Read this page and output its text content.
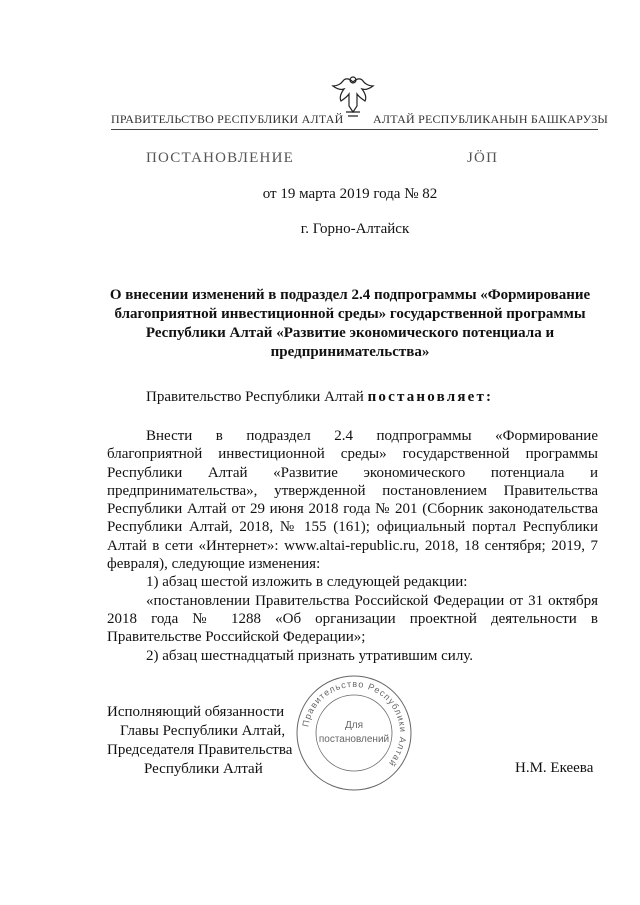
ПРАВИТЕЛЬСТВО РЕСПУБЛИКИ АЛТАЙ АЛТАЙ РЕСПУБЛИКАНЫН БАШКАРУЗЫ
ПОСТАНОВЛЕНИЕ	JÖП
от 19 марта 2019 года № 82
г. Горно-Алтайск
О внесении изменений в подраздел 2.4 подпрограммы «Формирование
благоприятной инвестиционной среды» государственной программы
Республики Алтай «Развитие экономического потенциала и
предпринимательства»
Правительство Республики Алтай постановляет:

Внести в подраздел 2.4 подпрограммы «Формирование благоприятной инвестиционной среды» государственной программы Республики Алтай «Развитие экономического потенциала и предпринимательства», утвержденной постановлением Правительства Республики Алтай от 29 июня 2018 года № 201 (Сборник законодательства Республики Алтай, 2018, № 155 (161); официальный портал Республики Алтай в сети «Интернет»: www.altai-republic.ru, 2018, 18 сентября; 2019, 7 февраля), следующие изменения:

1) абзац шестой изложить в следующей редакции:

«постановлении Правительства Российской Федерации от 31 октября 2018 года № 1288 «Об организации проектной деятельности в Правительстве Российской Федерации»;

2) абзац шестнадцатый признать утратившим силу.

Исполняющий обязанности
Главы Республики Алтай,
Председателя Правительства
Республики Алтай	Н.М. Екеева
Правительство Республики Алтай
Для
постановлений
